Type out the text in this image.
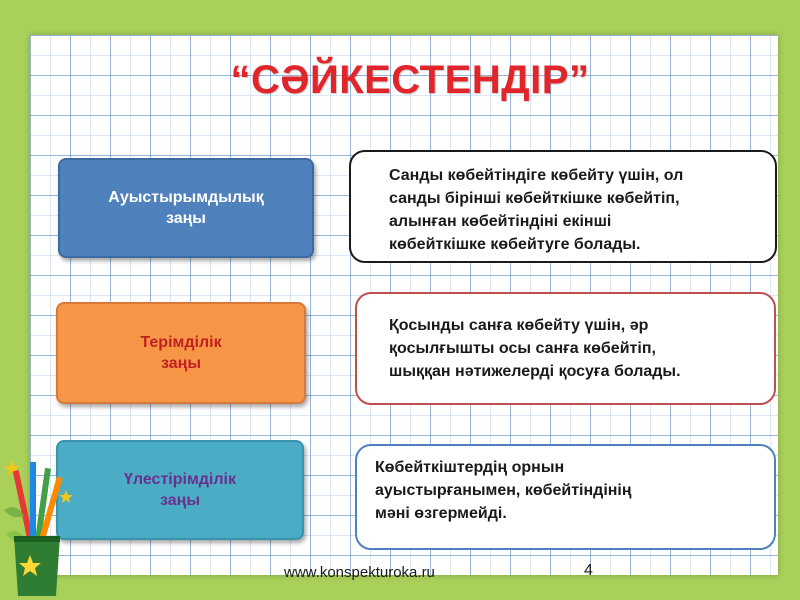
“СӘЙКЕСТЕНДІР”
Ауыстырымдылық
заңы
Терімділік
заңы
Үлестірімділік
заңы
Санды көбейтіндіге көбейту үшін, ол
санды бірінші көбейткішке көбейтіп,
алынған көбейтіндіні екінші
көбейткішке көбейтуге болады.
Қосынды санға көбейту үшін, әр
қосылғышты осы санға көбейтіп,
шыққан нәтижелерді қосуға болады.
Көбейткіштердің орнын
ауыстырғанымен, көбейтіндінің
мәні өзгермейді.
www.konspekturoka.ru	4
